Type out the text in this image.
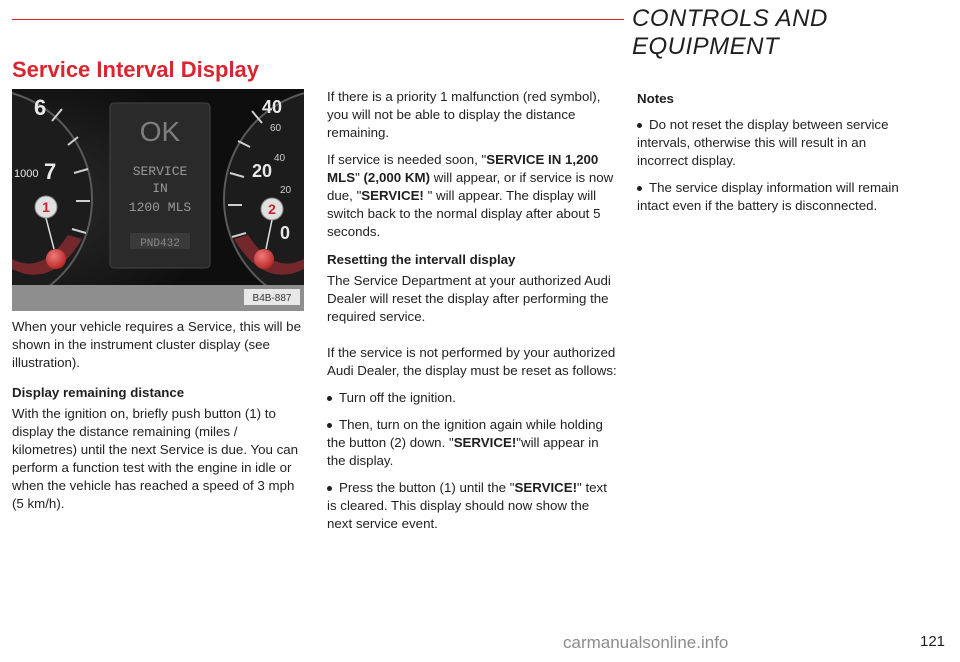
CONTROLS AND EQUIPMENT
Service Interval Display
6
1000 7
40
60
40
20
20
0
OK
SERVICE
IN
1200 MLS
PND432
1	2
B4B-887

When your vehicle requires a Service, this will be shown in the instrument cluster display (see illustration).

Display remaining distance

With the ignition on, briefly push button (1) to display the distance remaining (miles / kilometres) until the next Service is due. You can perform a function test with the engine in idle or when the vehicle has reached a speed of 3 mph (5 km/h).

If there is a priority 1 malfunction (red symbol), you will not be able to display the distance remaining.

If service is needed soon, "SERVICE IN 1,200 MLS" (2,000 KM) will appear, or if service is now due, "SERVICE! " will appear. The display will switch back to the normal display after about 5 seconds.

Resetting the intervall display

The Service Department at your authorized Audi Dealer will reset the display after performing the required service.

If the service is not performed by your authorized Audi Dealer, the display must be reset as follows:

Turn off the ignition.

Then, turn on the ignition again while holding the button (2) down. "SERVICE!"will appear in the display.

Press the button (1) until the "SERVICE!" text is cleared. This display should now show the next service event.

Notes

Do not reset the display between service intervals, otherwise this will result in an incorrect display.

The service display information will remain intact even if the battery is disconnected.

carmanualsonline.info	121
